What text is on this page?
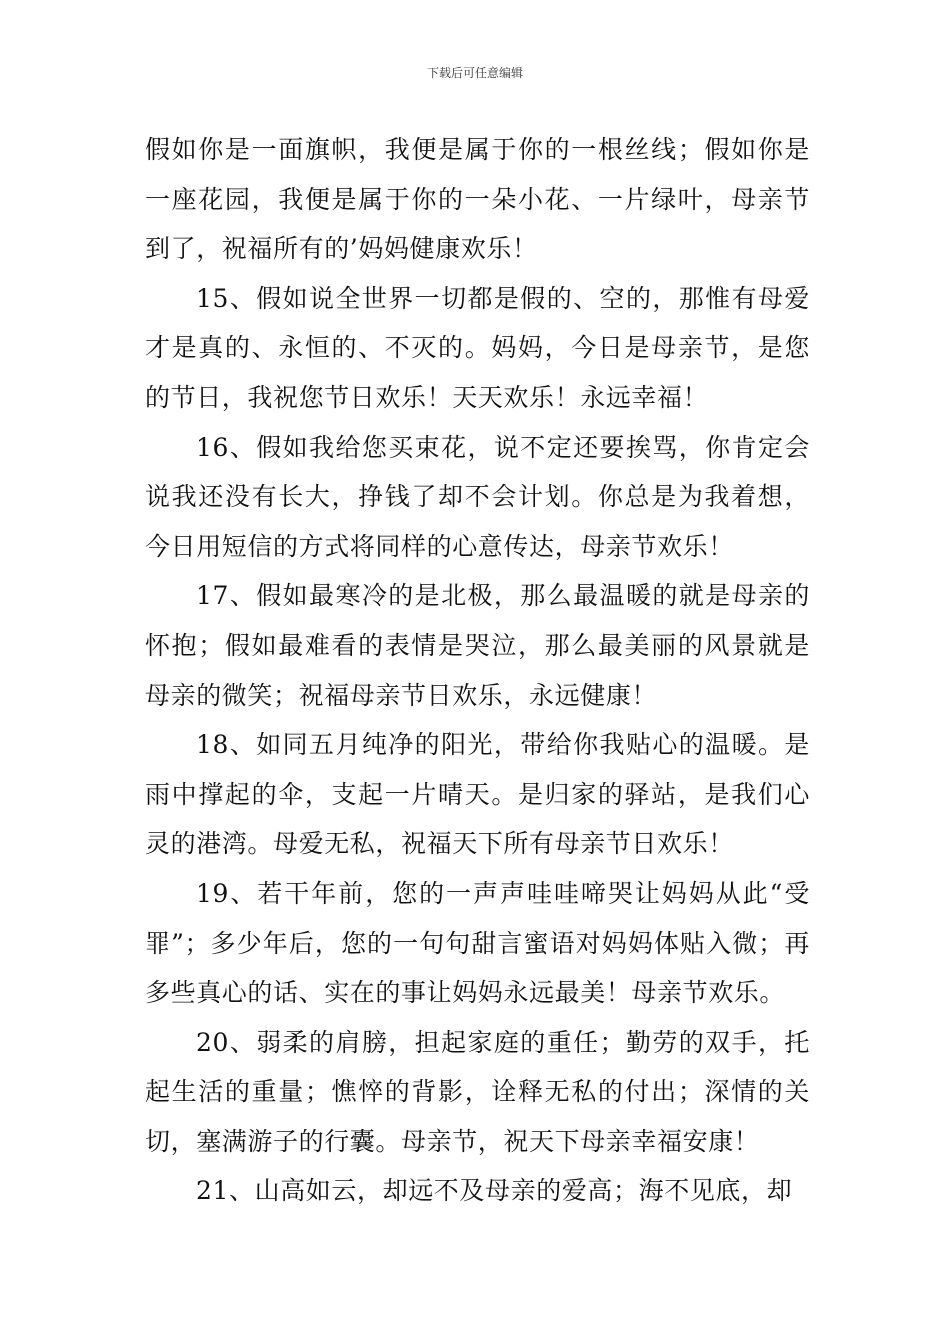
下载后可任意编辑

假如你是一面旗帜，我便是属于你的一根丝线；假如你是一座花园，我便是属于你的一朵小花、一片绿叶，母亲节到了，祝福所有的’妈妈健康欢乐！

15、假如说全世界一切都是假的、空的，那惟有母爱才是真的、永恒的、不灭的。妈妈，今日是母亲节，是您的节日，我祝您节日欢乐！天天欢乐！永远幸福！

16、假如我给您买束花，说不定还要挨骂，你肯定会说我还没有长大，挣钱了却不会计划。你总是为我着想，今日用短信的方式将同样的心意传达，母亲节欢乐！

17、假如最寒冷的是北极，那么最温暖的就是母亲的怀抱；假如最难看的表情是哭泣，那么最美丽的风景就是母亲的微笑；祝福母亲节日欢乐，永远健康！

18、如同五月纯净的阳光，带给你我贴心的温暖。是雨中撑起的伞，支起一片晴天。是归家的驿站，是我们心灵的港湾。母爱无私，祝福天下所有母亲节日欢乐！

19、若干年前，您的一声声哇哇啼哭让妈妈从此“受罪”；多少年后，您的一句句甜言蜜语对妈妈体贴入微；再多些真心的话、实在的事让妈妈永远最美！母亲节欢乐。

20、弱柔的肩膀，担起家庭的重任；勤劳的双手，托起生活的重量；憔悴的背影，诠释无私的付出；深情的关切，塞满游子的行囊。母亲节，祝天下母亲幸福安康！

21、山高如云，却远不及母亲的爱高；海不见底，却
